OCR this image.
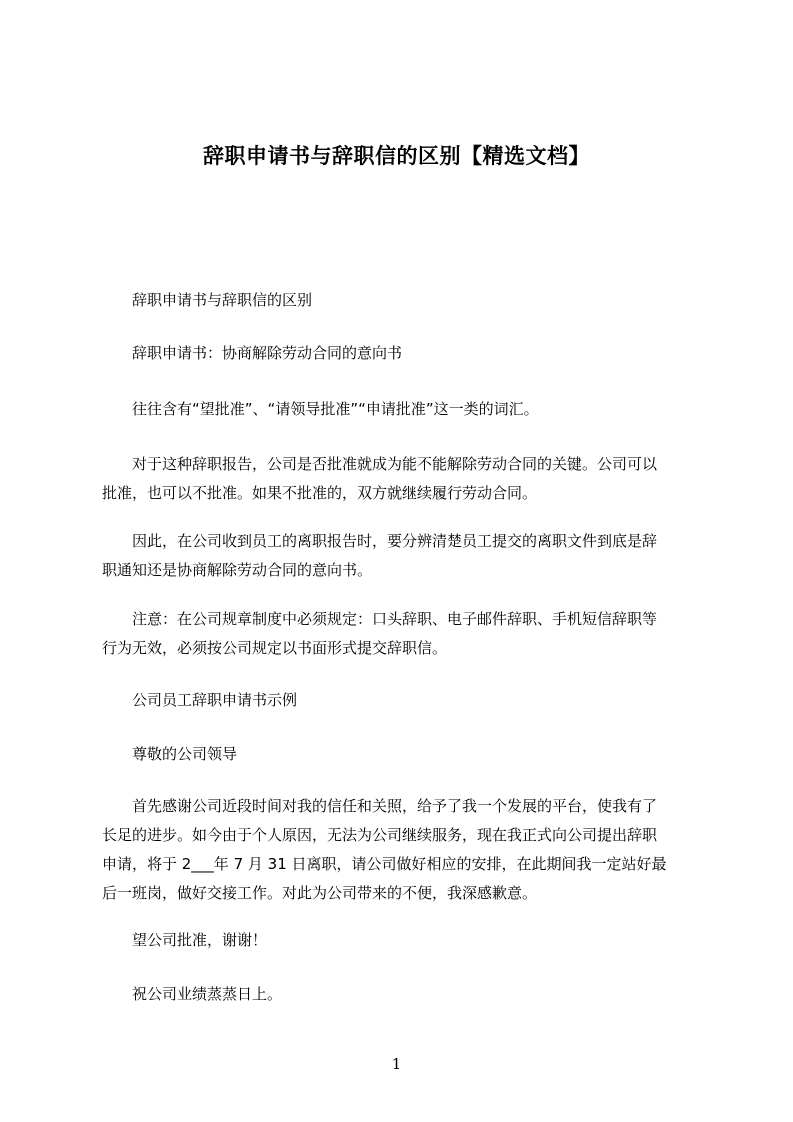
辞职申请书与辞职信的区别【精选文档】
　　辞职申请书与辞职信的区别
　　辞职申请书：协商解除劳动合同的意向书
　　往往含有“望批准”、“请领导批准”“申请批准”这一类的词汇。
　　对于这种辞职报告，公司是否批准就成为能不能解除劳动合同的关键。公司可以
批准，也可以不批准。如果不批准的，双方就继续履行劳动合同。
　　因此，在公司收到员工的离职报告时，要分辨清楚员工提交的离职文件到底是辞
职通知还是协商解除劳动合同的意向书。
　　注意：在公司规章制度中必须规定：口头辞职、电子邮件辞职、手机短信辞职等
行为无效，必须按公司规定以书面形式提交辞职信。
　　公司员工辞职申请书示例
　　尊敬的公司领导
　　首先感谢公司近段时间对我的信任和关照，给予了我一个发展的平台，使我有了
长足的进步。如今由于个人原因，无法为公司继续服务，现在我正式向公司提出辞职
申请，将于 2___年 7 月 31 日离职，请公司做好相应的安排，在此期间我一定站好最
后一班岗，做好交接工作。对此为公司带来的不便，我深感歉意。
　　望公司批准，谢谢！
　　祝公司业绩蒸蒸日上。
1
